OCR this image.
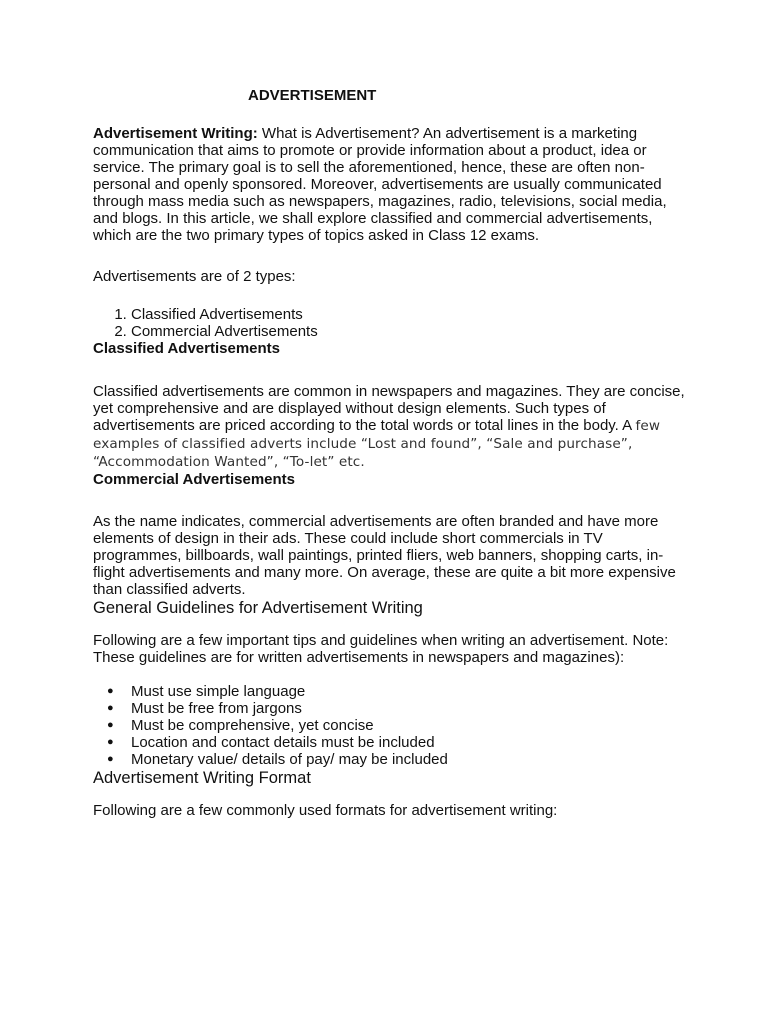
ADVERTISEMENT

Advertisement Writing: What is Advertisement? An advertisement is a marketing communication that aims to promote or provide information about a product, idea or service. The primary goal is to sell the aforementioned, hence, these are often non-personal and openly sponsored. Moreover, advertisements are usually communicated through mass media such as newspapers, magazines, radio, televisions, social media, and blogs. In this article, we shall explore classified and commercial advertisements, which are the two primary types of topics asked in Class 12 exams.

Advertisements are of 2 types:

1. Classified Advertisements
2. Commercial Advertisements
Classified Advertisements

Classified advertisements are common in newspapers and magazines. They are concise, yet comprehensive and are displayed without design elements. Such types of advertisements are priced according to the total words or total lines in the body. A few examples of classified adverts include “Lost and found”, “Sale and purchase”, “Accommodation Wanted”, “To-let” etc.

Commercial Advertisements

As the name indicates, commercial advertisements are often branded and have more elements of design in their ads. These could include short commercials in TV programmes, billboards, wall paintings, printed fliers, web banners, shopping carts, in-flight advertisements and many more. On average, these are quite a bit more expensive than classified adverts.

General Guidelines for Advertisement Writing

Following are a few important tips and guidelines when writing an advertisement. Note: These guidelines are for written advertisements in newspapers and magazines):

● Must use simple language
● Must be free from jargons
● Must be comprehensive, yet concise
● Location and contact details must be included
● Monetary value/ details of pay/ may be included
Advertisement Writing Format

Following are a few commonly used formats for advertisement writing:
